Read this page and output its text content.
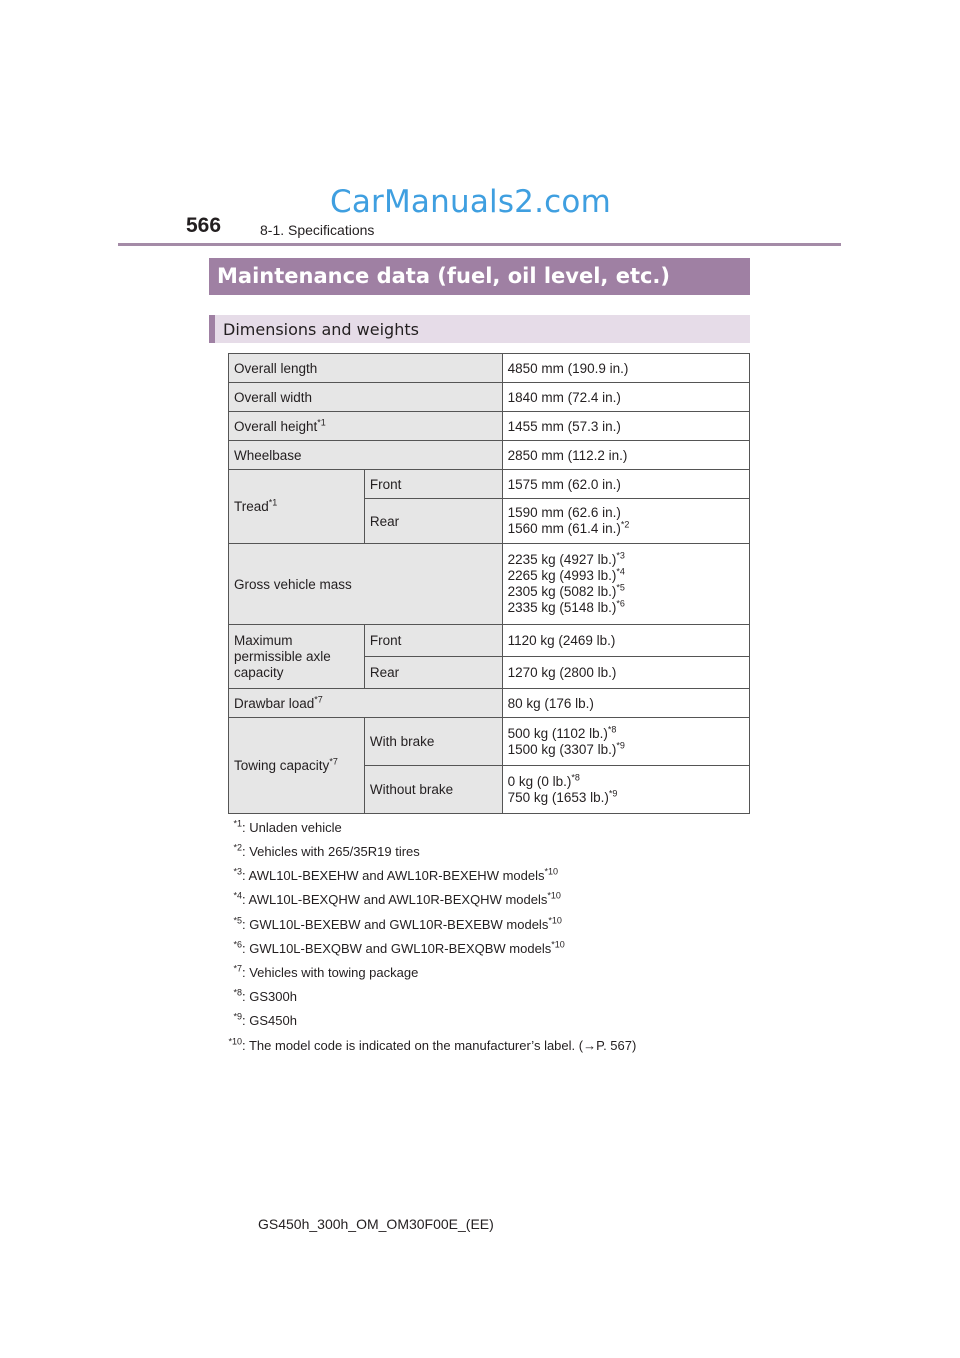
CarManuals2.com
566	8-1. Specifications
Maintenance data (fuel, oil level, etc.)
Dimensions and weights
Overall length		4850 mm (190.9 in.)
Overall width		1840 mm (72.4 in.)
Overall height$^{*1}$		1455 mm (57.3 in.)
Wheelbase		2850 mm (112.2 in.)
Tread$^{*1}$	Front	1575 mm (62.0 in.)
	Rear	1590 mm (62.6 in.)
1560 mm (61.4 in.)$^{*2}$

Gross vehicle mass		2235 kg (4927 lb.)$^{*3}$
2265 kg (4993 lb.)$^{*4}$
2305 kg (5082 lb.)$^{*5}$
2335 kg (5148 lb.)$^{*6}$

Maximum
permissible axle
capacity	Front	1120 kg (2469 lb.)
	Rear	1270 kg (2800 lb.)
Drawbar load$^{*7}$		80 kg (176 lb.)
Towing capacity$^{*7}$	With brake	500 kg (1102 lb.)$^{*8}$
1500 kg (3307 lb.)$^{*9}$

	Without brake	0 kg (0 lb.)$^{*8}$
750 kg (1653 lb.)$^{*9}$
$^{*1}$ : Unladen vehicle
$^{*2}$ : Vehicles with 265/35R19 tires
$^{*3}$ : AWL10L-BEXEHW and AWL10R-BEXEHW models$^{*10}$
$^{*4}$ : AWL10L-BEXQHW and AWL10R-BEXQHW models$^{*10}$
$^{*5}$ : GWL10L-BEXEBW and GWL10R-BEXEBW models$^{*10}$
$^{*6}$ : GWL10L-BEXQBW and GWL10R-BEXQBW models$^{*10}$
$^{*7}$ : Vehicles with towing package
$^{*8}$ : GS300h
$^{*9}$ : GS450h
$^{*10}$ : The model code is indicated on the manufacturer’s label. (→P. 567)
GS450h_300h_OM_OM30F00E_(EE)
